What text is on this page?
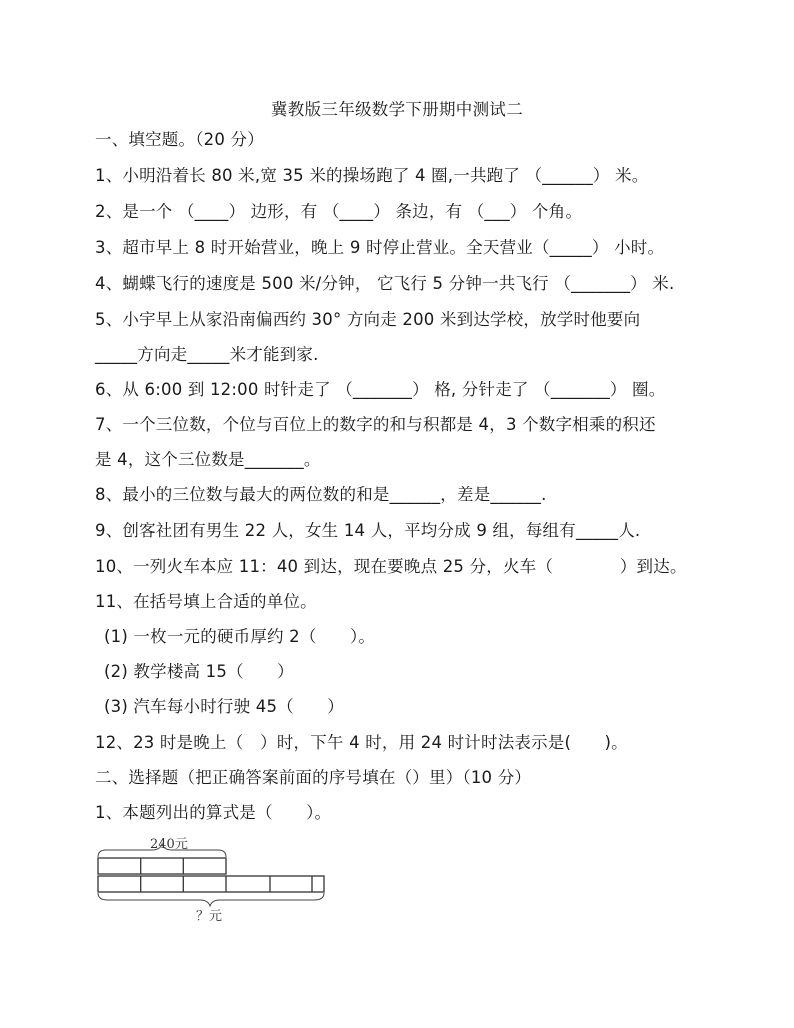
冀教版三年级数学下册期中测试二
一、填空题。（20 分）
1、小明沿着长 80 米,宽 35 米的操场跑了 4 圈,一共跑了 （______） 米。
2、是一个 （____） 边形，有 （____） 条边，有 （___） 个角。
3、超市早上 8 时开始营业，晚上 9 时停止营业。全天营业（_____） 小时。
4、蝴蝶飞行的速度是 500 米/分钟， 它飞行 5 分钟一共飞行 （_______） 米.
5、小宇早上从家沿南偏西约 30° 方向走 200 米到达学校，放学时他要向
_____方向走_____米才能到家.
6、从 6:00 到 12:00 时针走了 （_______） 格, 分针走了 （_______） 圈。
7、一个三位数，个位与百位上的数字的和与积都是 4，3 个数字相乘的积还
是 4，这个三位数是_______。
8、最小的三位数与最大的两位数的和是______，差是______.
9、创客社团有男生 22 人，女生 14 人，平均分成 9 组，每组有_____人.
10、一列火车本应 11：40 到达，现在要晚点 25 分，火车（　　　　）到达。
11、在括号填上合适的单位。
(1) 一枚一元的硬币厚约 2（　　）。
(2) 教学楼高 15（　　）
(3) 汽车每小时行驶 45（　　）
12、23 时是晚上（　）时，下午 4 时，用 24 时计时法表示是(　　)。
二、选择题（把正确答案前面的序号填在（）里）（10 分）
1、本题列出的算式是（　　）。
240元
？元
